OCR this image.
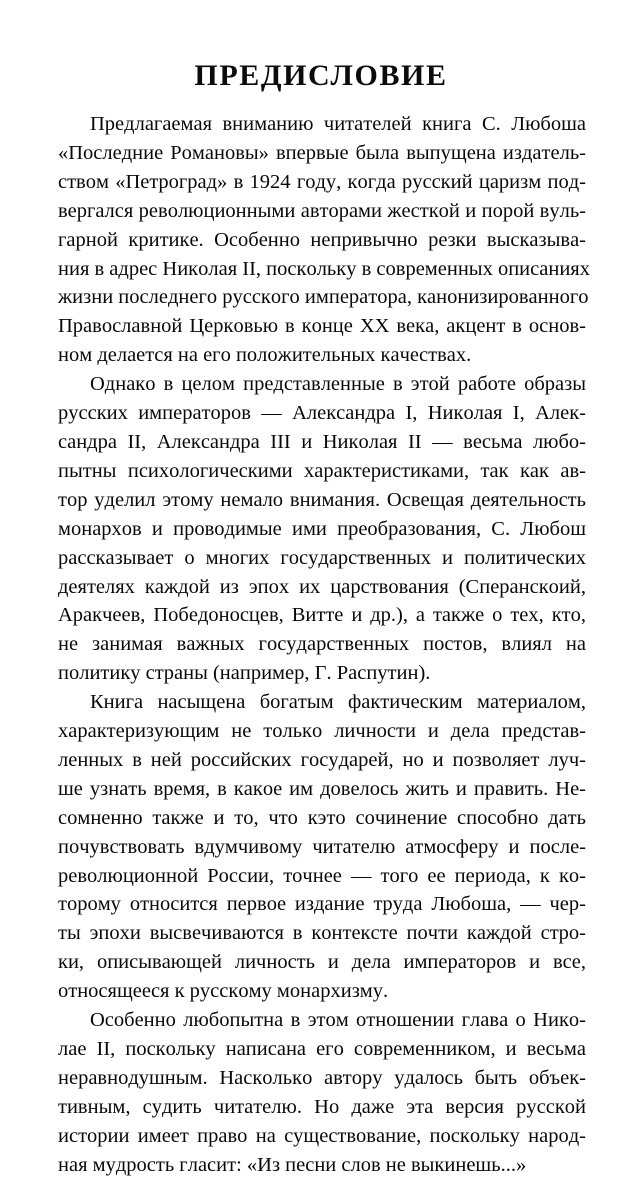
ПРЕДИСЛОВИЕ

Предлагаемая вниманию читателей книга С. Любоша
«Последние Романовы» впервые была выпущена издатель-
ством «Петроград» в 1924 году, когда русский царизм под-
вергался революционными авторами жесткой и порой вуль-
гарной критике. Особенно непривычно резки высказыва-
ния в адрес Николая II, поскольку в современных описаниях
жизни последнего русского императора, канонизированного
Православной Церковью в конце XX века, акцент в основ-
ном делается на его положительных качествах.

Однако в целом представленные в этой работе образы
русских императоров — Александра I, Николая I, Алек-
сандра II, Александра III и Николая II — весьма любо-
пытны психологическими характеристиками, так как ав-
тор уделил этому немало внимания. Освещая деятельность
монархов и проводимые ими преобразования, С. Любош
рассказывает о многих государственных и политических
деятелях каждой из эпох их царствования (Сперанскоий,
Аракчеев, Победоносцев, Витте и др.), а также о тех, кто,
не занимая важных государственных постов, влиял на
политику страны (например, Г. Распутин).

Книга насыщена богатым фактическим материалом,
характеризующим не только личности и дела представ-
ленных в ней российских государей, но и позволяет луч-
ше узнать время, в какое им довелось жить и править. Не-
сомненно также и то, что кэто сочинение способно дать
почувствовать вдумчивому читателю атмосферу и после-
революционной России, точнее — того ее периода, к ко-
торому относится первое издание труда Любоша, — чер-
ты эпохи высвечиваются в контексте почти каждой стро-
ки, описывающей личность и дела императоров и все,
относящееся к русскому монархизму.

Особенно любопытна в этом отношении глава о Нико-
лае II, поскольку написана его современником, и весьма
неравнодушным. Насколько автору удалось быть объек-
тивным, судить читателю. Но даже эта версия русской
истории имеет право на существование, поскольку народ-
ная мудрость гласит: «Из песни слов не выкинешь...»
